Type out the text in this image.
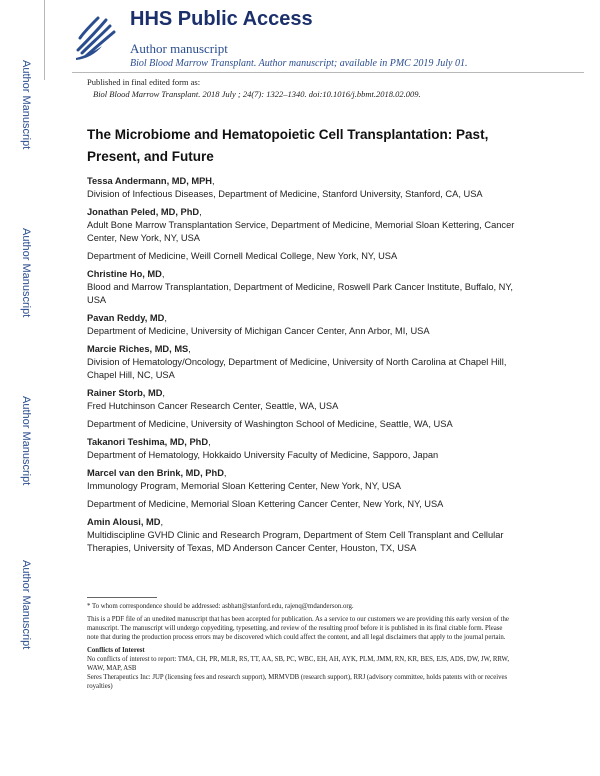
Author Manuscript
Author Manuscript
Author Manuscript
Author Manuscript
HHS Public Access
Author manuscript
Biol Blood Marrow Transplant. Author manuscript; available in PMC 2019 July 01.
Published in final edited form as:
Biol Blood Marrow Transplant. 2018 July ; 24(7): 1322–1340. doi:10.1016/j.bbmt.2018.02.009.
The Microbiome and Hematopoietic Cell Transplantation: Past, Present, and Future
Tessa Andermann, MD, MPH,
Division of Infectious Diseases, Department of Medicine, Stanford University, Stanford, CA, USA
Jonathan Peled, MD, PhD,
Adult Bone Marrow Transplantation Service, Department of Medicine, Memorial Sloan Kettering, Cancer Center, New York, NY, USA
Department of Medicine, Weill Cornell Medical College, New York, NY, USA
Christine Ho, MD,
Blood and Marrow Transplantation, Department of Medicine, Roswell Park Cancer Institute, Buffalo, NY, USA
Pavan Reddy, MD,
Department of Medicine, University of Michigan Cancer Center, Ann Arbor, MI, USA
Marcie Riches, MD, MS,
Division of Hematology/Oncology, Department of Medicine, University of North Carolina at Chapel Hill, Chapel Hill, NC, USA
Rainer Storb, MD,
Fred Hutchinson Cancer Research Center, Seattle, WA, USA
Department of Medicine, University of Washington School of Medicine, Seattle, WA, USA
Takanori Teshima, MD, PhD,
Department of Hematology, Hokkaido University Faculty of Medicine, Sapporo, Japan
Marcel van den Brink, MD, PhD,
Immunology Program, Memorial Sloan Kettering Center, New York, NY, USA
Department of Medicine, Memorial Sloan Kettering Cancer Center, New York, NY, USA
Amin Alousi, MD,
Multidiscipline GVHD Clinic and Research Program, Department of Stem Cell Transplant and Cellular Therapies, University of Texas, MD Anderson Cancer Center, Houston, TX, USA
* To whom correspondence should be addressed: asbhatt@stanford.edu, rajenq@mdanderson.org.
This is a PDF file of an unedited manuscript that has been accepted for publication. As a service to our customers we are providing this early version of the manuscript. The manuscript will undergo copyediting, typesetting, and review of the resulting proof before it is published in its final citable form. Please note that during the production process errors may be discovered which could affect the content, and all legal disclaimers that apply to the journal pertain.
Conflicts of Interest
No conflicts of interest to report: TMA, CH, PR, MLR, RS, TT, AA, SB, PC, WBC, EH, AH, AYK, PLM, JMM, RN, KR, BES, EJS, ADS, DW, JW, RRW, WAW, MAP, ASB
Seres Therapeutics Inc: JUP (licensing fees and research support), MRMVDB (research support), RRJ (advisory committee, holds patents with or receives royalties)
